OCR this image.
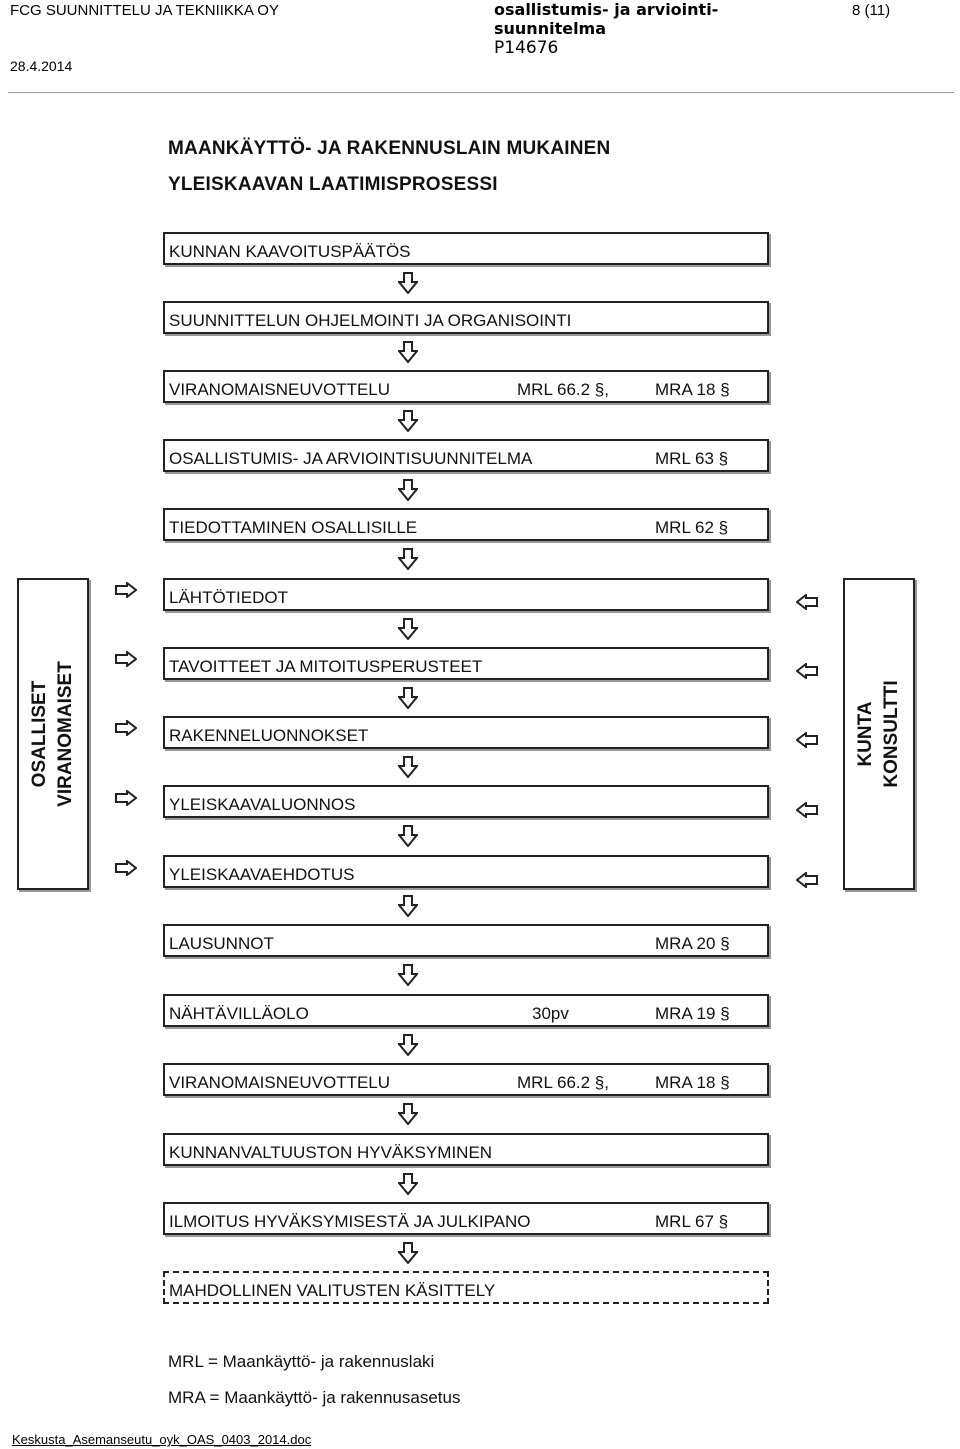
FCG SUUNNITTELU JA TEKNIIKKA OY
28.4.2014
osallistumis- ja arviointi-
suunnitelma
P14676
8 (11)
MAANKÄYTTÖ- JA RAKENNUSLAIN MUKAINEN
YLEISKAAVAN LAATIMISPROSESSI
KUNNAN KAAVOITUSPÄÄTÖS
SUUNNITTELUN OHJELMOINTI JA ORGANISOINTI
VIRANOMAISNEUVOTTELU	MRL 66.2 §,	MRA 18 §
OSALLISTUMIS- JA ARVIOINTISUUNNITELMA	MRL 63 §
TIEDOTTAMINEN OSALLISILLE	MRL 62 §
LÄHTÖTIEDOT
TAVOITTEET JA MITOITUSPERUSTEET
RAKENNELUONNOKSET
YLEISKAAVALUONNOS
YLEISKAAVAEHDOTUS
LAUSUNNOT	MRA 20 §
NÄHTÄVILLÄOLO	30pv	MRA 19 §
VIRANOMAISNEUVOTTELU	MRL 66.2 §,	MRA 18 §
KUNNANVALTUUSTON HYVÄKSYMINEN
ILMOITUS HYVÄKSYMISESTÄ JA JULKIPANO	MRL 67 §
MAHDOLLINEN VALITUSTEN KÄSITTELY
OSALLISET VIRANOMAISET	KUNTA KONSULTTI
MRL = Maankäyttö- ja rakennuslaki
MRA = Maankäyttö- ja rakennusasetus
Keskusta_Asemanseutu_oyk_OAS_0403_2014.doc
